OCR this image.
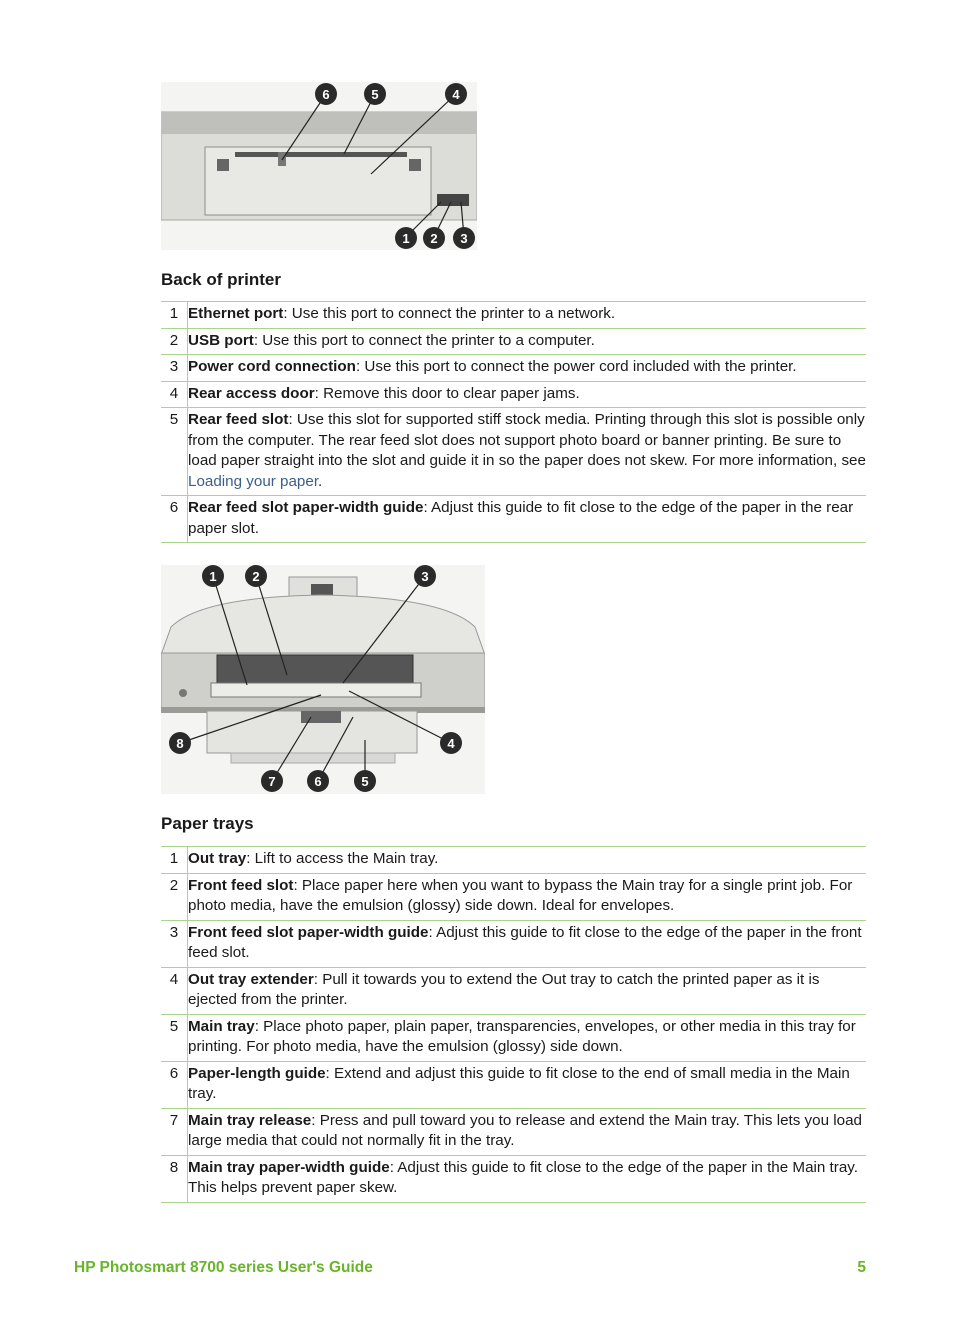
6	5	4
1 2 3
Back of printer
1	Ethernet port: Use this port to connect the printer to a network.
2	USB port: Use this port to connect the printer to a computer.
3	Power cord connection: Use this port to connect the power cord included with the printer.
4	Rear access door: Remove this door to clear paper jams.
5	Rear feed slot: Use this slot for supported stiff stock media. Printing through this slot is possible only from the computer. The rear feed slot does not support photo board or banner printing. Be sure to load paper straight into the slot and guide it in so the paper does not skew. For more information, see Loading your paper.
6	Rear feed slot paper-width guide: Adjust this guide to fit close to the edge of the paper in the rear paper slot.
1	2	3
8	4
7	6	5
Paper trays
1	Out tray: Lift to access the Main tray.
2	Front feed slot: Place paper here when you want to bypass the Main tray for a single print job. For photo media, have the emulsion (glossy) side down. Ideal for envelopes.
3	Front feed slot paper-width guide: Adjust this guide to fit close to the edge of the paper in the front feed slot.
4	Out tray extender: Pull it towards you to extend the Out tray to catch the printed paper as it is ejected from the printer.
5	Main tray: Place photo paper, plain paper, transparencies, envelopes, or other media in this tray for printing. For photo media, have the emulsion (glossy) side down.
6	Paper-length guide: Extend and adjust this guide to fit close to the end of small media in the Main tray.
7	Main tray release: Press and pull toward you to release and extend the Main tray. This lets you load large media that could not normally fit in the tray.
8	Main tray paper-width guide: Adjust this guide to fit close to the edge of the paper in the Main tray. This helps prevent paper skew.
HP Photosmart 8700 series User's Guide	5
